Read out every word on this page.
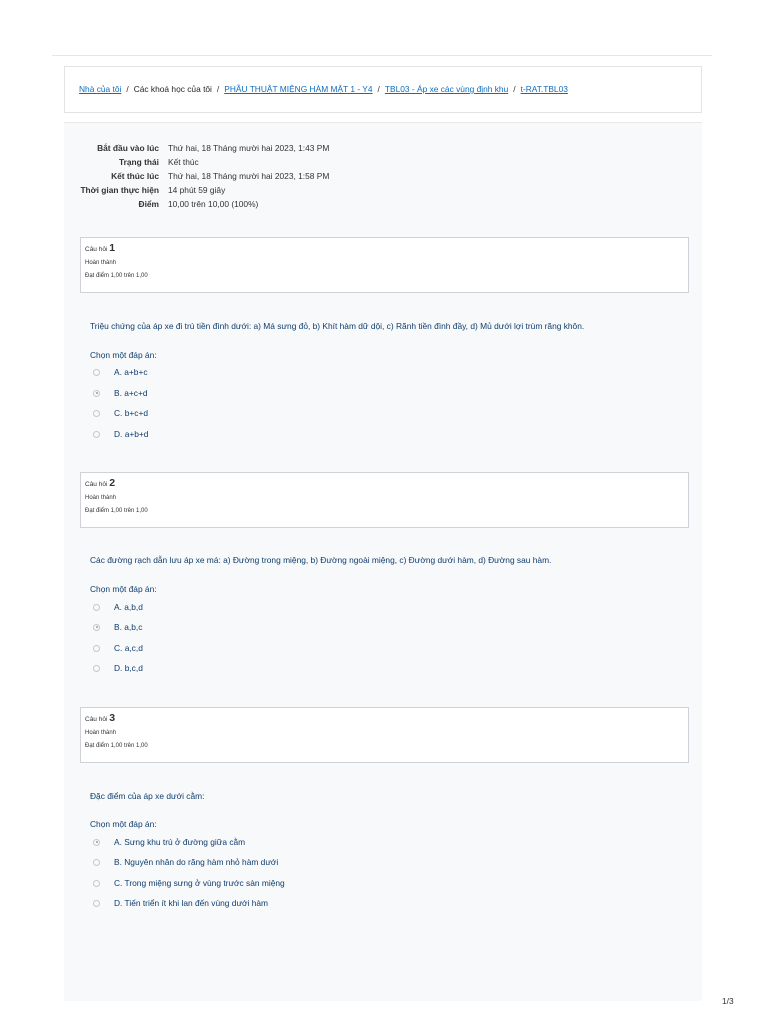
Nhà của tôi / Các khoá học của tôi / PHẪU THUẬT MIỆNG HÀM MẶT 1 - Y4 / TBL03 - Áp xe các vùng định khu / t-RAT.TBL03
Bắt đầu vào lúc	Thứ hai, 18 Tháng mười hai 2023, 1:43 PM
Trạng thái	Kết thúc
Kết thúc lúc	Thứ hai, 18 Tháng mười hai 2023, 1:58 PM
Thời gian thực hiện	14 phút 59 giây
Điểm	10,00 trên 10,00 (100%)
Câu hỏi 1
Hoàn thành
Đạt điểm 1,00 trên 1,00
Triệu chứng của áp xe đi trú tiền đình dưới: a) Má sưng đỏ, b) Khít hàm dữ dội, c) Rãnh tiền đình đầy, d) Mủ dưới lợi trùm răng khôn.
Chọn một đáp án:
A. a+b+c
B. a+c+d
C. b+c+d
D. a+b+d
Câu hỏi 2
Hoàn thành
Đạt điểm 1,00 trên 1,00
Các đường rạch dẫn lưu áp xe má: a) Đường trong miệng, b) Đường ngoài miệng, c) Đường dưới hàm, d) Đường sau hàm.
Chọn một đáp án:
A. a,b,d
B. a,b,c
C. a,c,d
D. b,c,d
Câu hỏi 3
Hoàn thành
Đạt điểm 1,00 trên 1,00
Đặc điểm của áp xe dưới cằm:
Chọn một đáp án:
A. Sưng khu trú ở đường giữa cằm
B. Nguyên nhân do răng hàm nhỏ hàm dưới
C. Trong miệng sưng ở vùng trước sàn miệng
D. Tiến triển ít khi lan đến vùng dưới hàm
1/3
